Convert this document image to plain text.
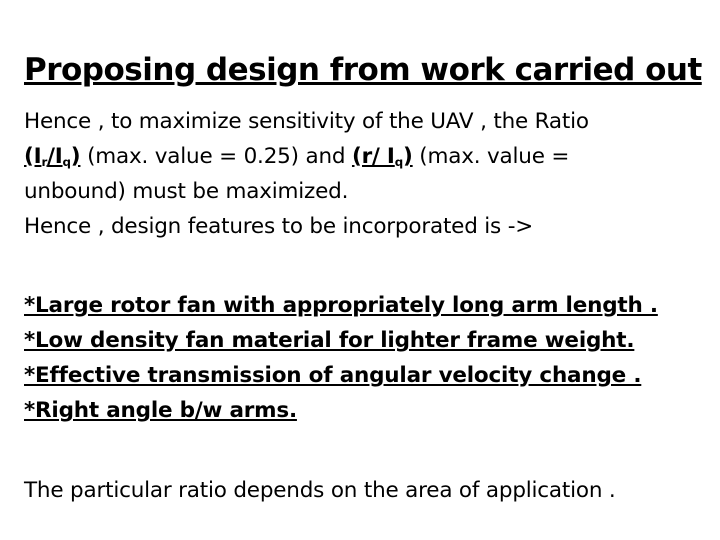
Proposing design from work carried out
Hence , to maximize sensitivity of the UAV , the Ratio
$(I_r/I_q)$ (max. value = 0.25) and (r/ $I_q$) (max. value =
unbound) must be maximized.
Hence , design features to be incorporated is ->
*Large rotor fan with appropriately long arm length .
*Low density fan material for lighter frame weight.
*Effective transmission of angular velocity change .
*Right angle b/w arms.
The particular ratio depends on the area of application .
